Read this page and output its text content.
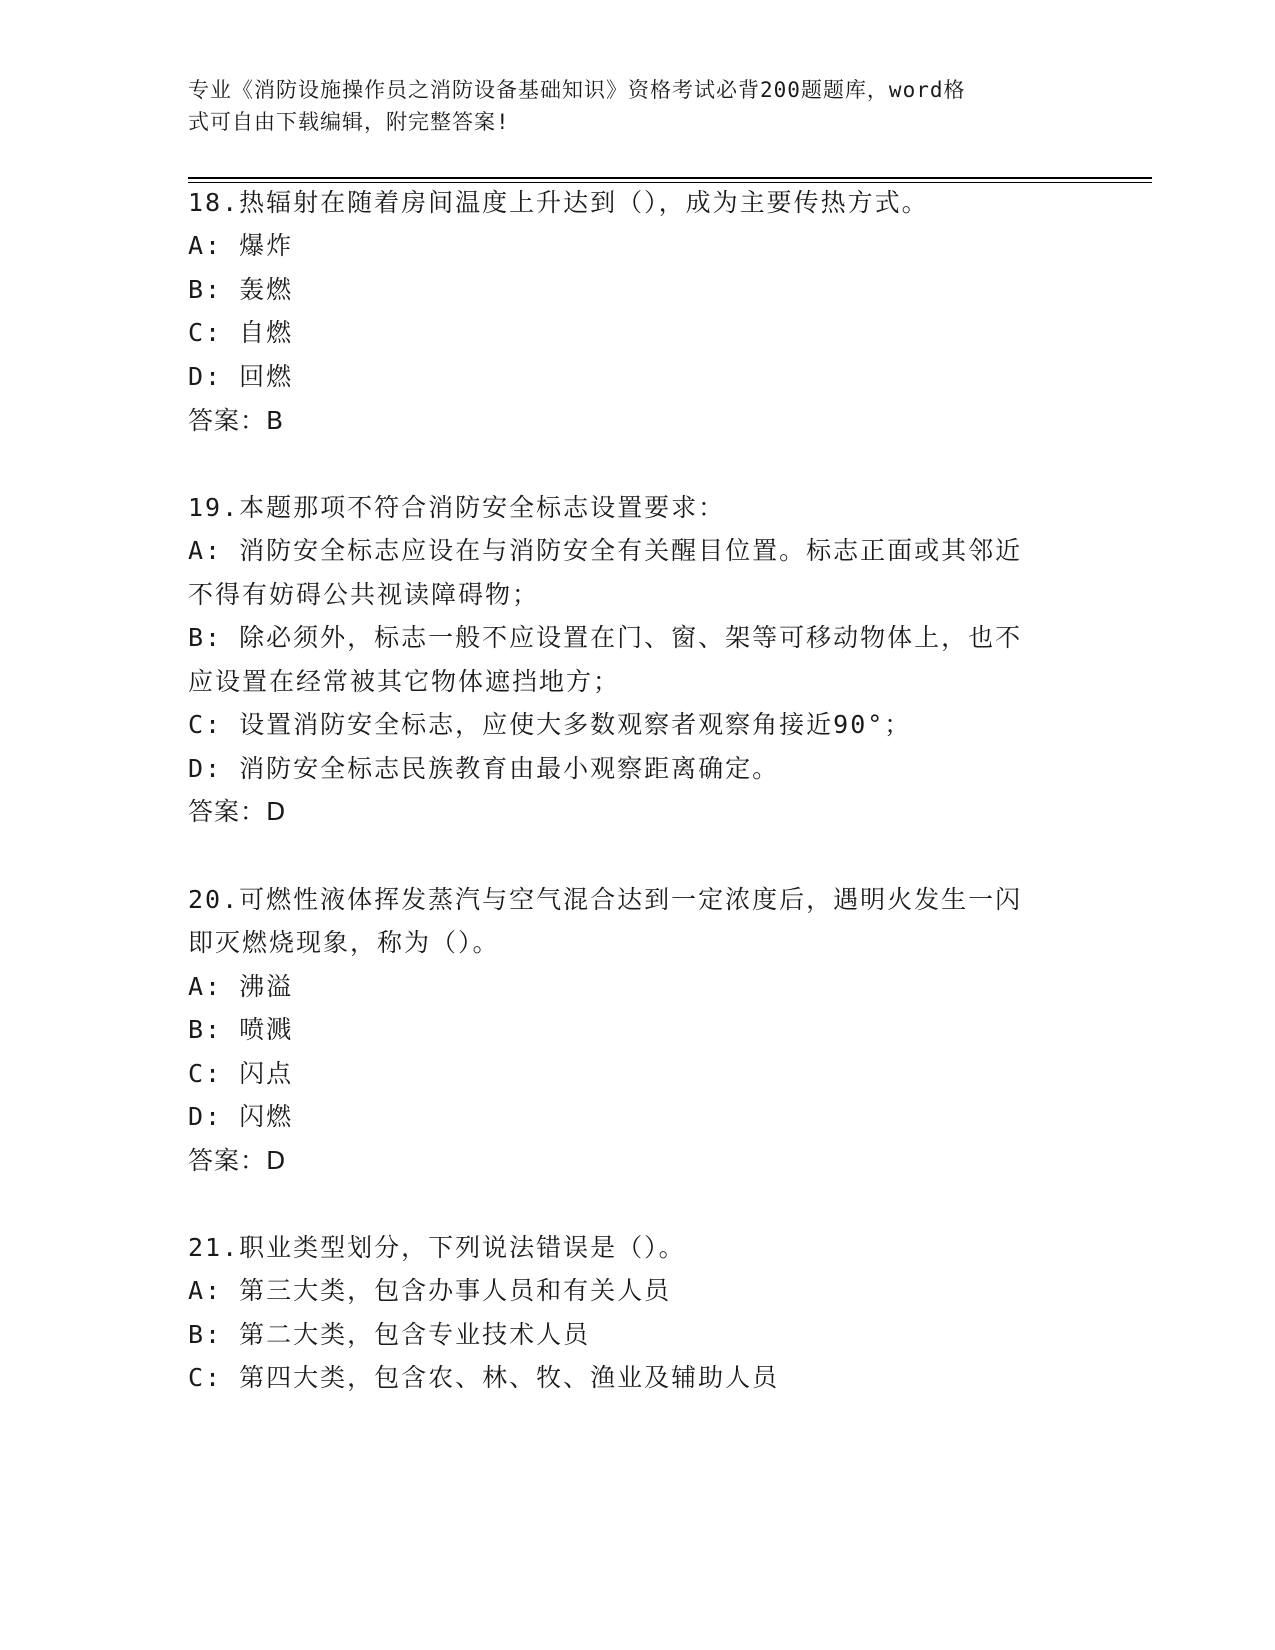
专业《消防设施操作员之消防设备基础知识》资格考试必背200题题库，word格
式可自由下载编辑，附完整答案!
18.热辐射在随着房间温度上升达到（），成为主要传热方式。
A: 爆炸
B: 轰燃
C: 自燃
D: 回燃
答案：B
19.本题那项不符合消防安全标志设置要求：
A: 消防安全标志应设在与消防安全有关醒目位置。标志正面或其邻近
不得有妨碍公共视读障碍物；
B: 除必须外，标志一般不应设置在门、窗、架等可移动物体上，也不
应设置在经常被其它物体遮挡地方；
C: 设置消防安全标志，应使大多数观察者观察角接近90°；
D: 消防安全标志民族教育由最小观察距离确定。
答案：D
20.可燃性液体挥发蒸汽与空气混合达到一定浓度后，遇明火发生一闪
即灭燃烧现象，称为（）。
A: 沸溢
B: 喷溅
C: 闪点
D: 闪燃
答案：D
21.职业类型划分，下列说法错误是（）。
A: 第三大类，包含办事人员和有关人员
B: 第二大类，包含专业技术人员
C: 第四大类，包含农、林、牧、渔业及辅助人员
